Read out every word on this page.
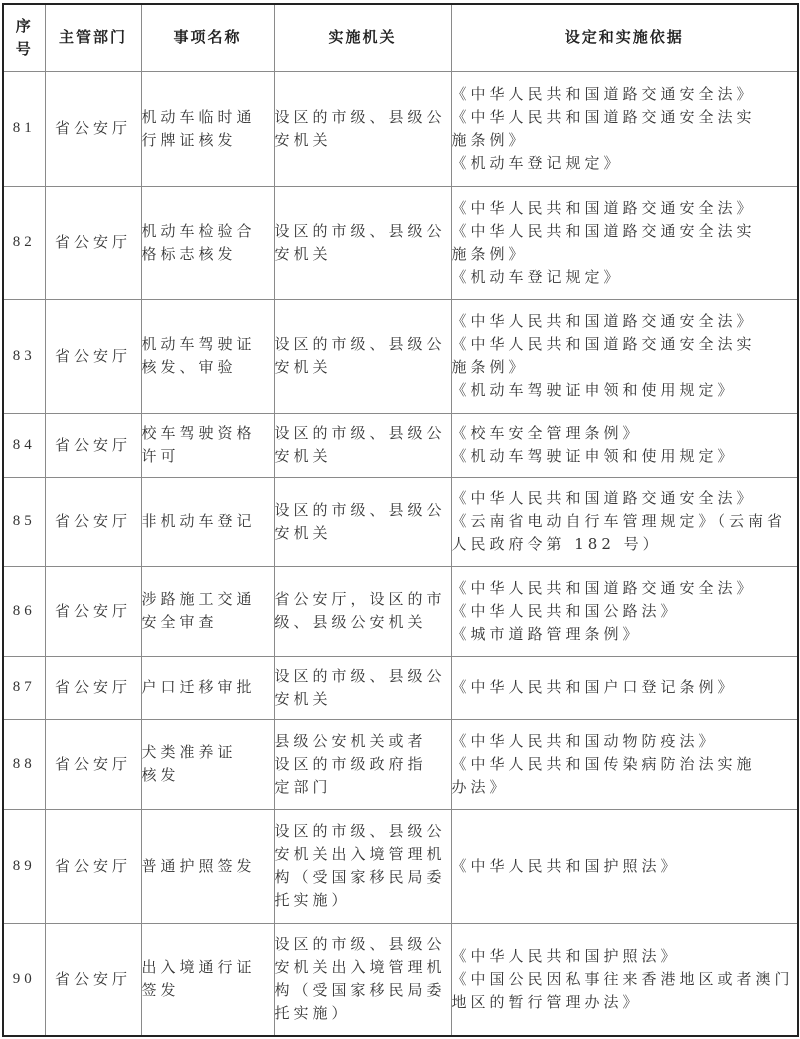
序
号	主管部门	事项名称	实施机关	设定和实施依据
81	省公安厅	机动车临时通
行牌证核发	设区的市级、县级公
安机关	《中华人民共和国道路交通安全法》
《中华人民共和国道路交通安全法实
施条例》
《机动车登记规定》

82	省公安厅	机动车检验合
格标志核发	设区的市级、县级公
安机关	《中华人民共和国道路交通安全法》
《中华人民共和国道路交通安全法实
施条例》
《机动车登记规定》

83	省公安厅	机动车驾驶证
核发、审验	设区的市级、县级公
安机关	《中华人民共和国道路交通安全法》
《中华人民共和国道路交通安全法实
施条例》
《机动车驾驶证申领和使用规定》

84	省公安厅	校车驾驶资格
许可	设区的市级、县级公
安机关	《校车安全管理条例》
《机动车驾驶证申领和使用规定》

85	省公安厅	非机动车登记	设区的市级、县级公
安机关	《中华人民共和国道路交通安全法》
《云南省电动自行车管理规定》（云南省
人民政府令第 182 号）

86	省公安厅	涉路施工交通
安全审查	省公安厅，设区的市
级、县级公安机关	《中华人民共和国道路交通安全法》
《中华人民共和国公路法》
《城市道路管理条例》

87	省公安厅	户口迁移审批	设区的市级、县级公
安机关	《中华人民共和国户口登记条例》

88	省公安厅	犬类准养证
核发	县级公安机关或者
设区的市级政府指
定部门	《中华人民共和国动物防疫法》
《中华人民共和国传染病防治法实施
办法》

89	省公安厅	普通护照签发	设区的市级、县级公
安机关出入境管理机
构（受国家移民局委
托实施）	《中华人民共和国护照法》

90	省公安厅	出入境通行证
签发	设区的市级、县级公
安机关出入境管理机
构（受国家移民局委
托实施）	《中华人民共和国护照法》
《中国公民因私事往来香港地区或者澳门
地区的暂行管理办法》
